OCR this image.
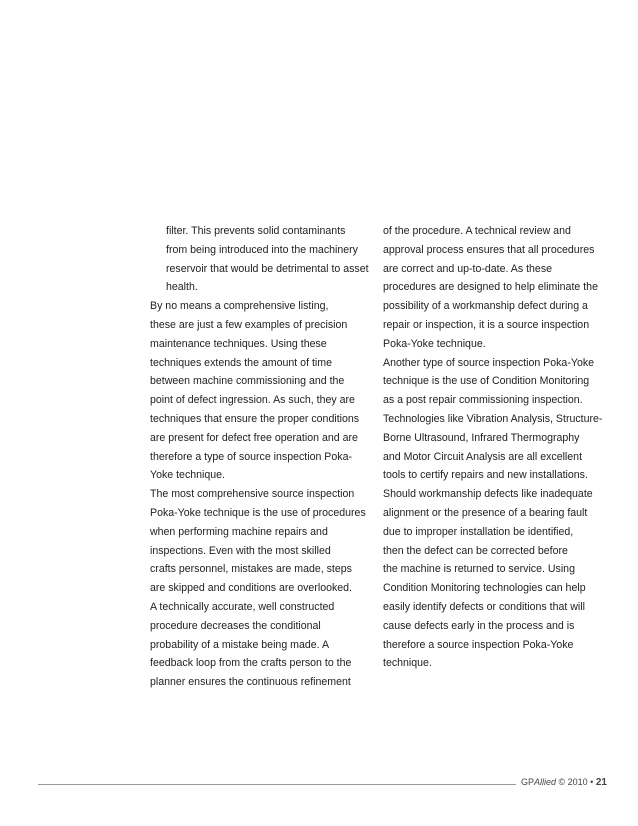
filter. This prevents solid contaminants
from being introduced into the machinery
reservoir that would be detrimental to asset
health.
By no means a comprehensive listing,
these are just a few examples of precision
maintenance techniques. Using these
techniques extends the amount of time
between machine commissioning and the
point of defect ingression. As such, they are
techniques that ensure the proper conditions
are present for defect free operation and are
therefore a type of source inspection Poka-
Yoke technique.
The most comprehensive source inspection
Poka-Yoke technique is the use of procedures
when performing machine repairs and
inspections. Even with the most skilled
crafts personnel, mistakes are made, steps
are skipped and conditions are overlooked.
A technically accurate, well constructed
procedure decreases the conditional
probability of a mistake being made. A
feedback loop from the crafts person to the
planner ensures the continuous refinement
of the procedure. A technical review and
approval process ensures that all procedures
are correct and up-to-date. As these
procedures are designed to help eliminate the
possibility of a workmanship defect during a
repair or inspection, it is a source inspection
Poka-Yoke technique.
Another type of source inspection Poka-Yoke
technique is the use of Condition Monitoring
as a post repair commissioning inspection.
Technologies like Vibration Analysis, Structure-
Borne Ultrasound, Infrared Thermography
and Motor Circuit Analysis are all excellent
tools to certify repairs and new installations.
Should workmanship defects like inadequate
alignment or the presence of a bearing fault
due to improper installation be identified,
then the defect can be corrected before
the machine is returned to service. Using
Condition Monitoring technologies can help
easily identify defects or conditions that will
cause defects early in the process and is
therefore a source inspection Poka-Yoke
technique.
GPAllied © 2010 • 21
